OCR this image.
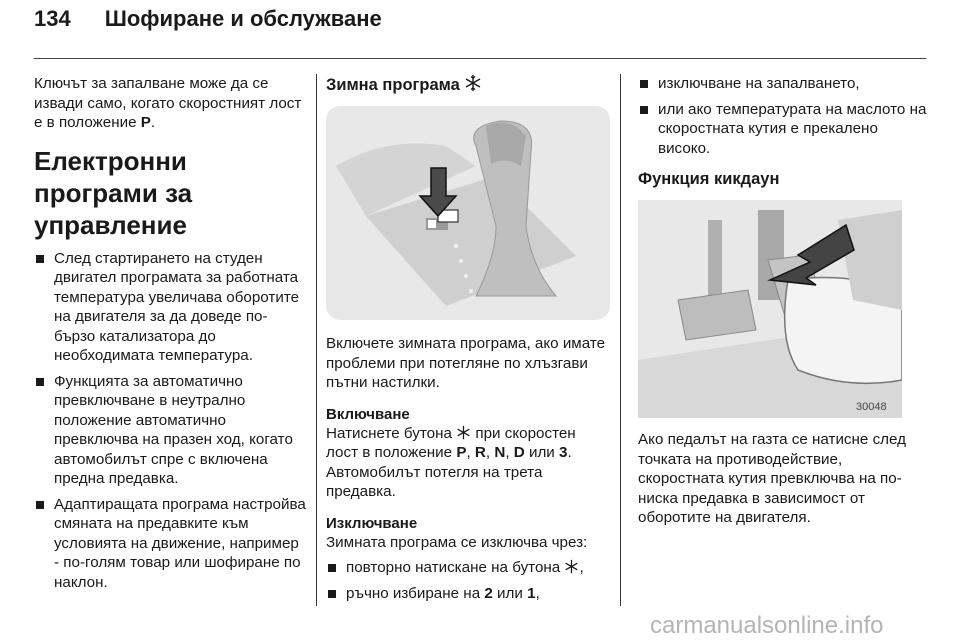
134 Шофиране и обслужване

Ключът за запалване може да се извади само, когато скоростният лост е в положение P.

Електронни програми за управление
След стартирането на студен двигател програмата за работната температура увеличава оборотите на двигателя за да доведе по-бързо катализатора до необходимата температура.
Функцията за автоматично превключване в неутрално положение автоматично превключва на празен ход, когато автомобилът спре с включена предна предавка.
Адаптиращата програма настройва смяната на предавките към условията на движение, например - по-голям товар или шофиране по наклон.
Зимна програма

Включете зимната програма, ако имате проблеми при потегляне по хлъзгави пътни настилки.

Включване

Натиснете бутона  при скоростен лост в положение P, R, N, D или 3. Автомобилът потегля на трета предавка.

Изключване

Зимната програма се изключва чрез:

повторно натискане на бутона ,
ръчно избиране на 2 или 1,
изключване на запалването,
или ако температурата на маслото на скоростната кутия е прекалено високо.
Функция кикдаун
30048

Ако педалът на газта се натисне след точката на противодействие, скоростната кутия превключва на по-ниска предавка в зависимост от оборотите на двигателя.

carmanualsonline.info
